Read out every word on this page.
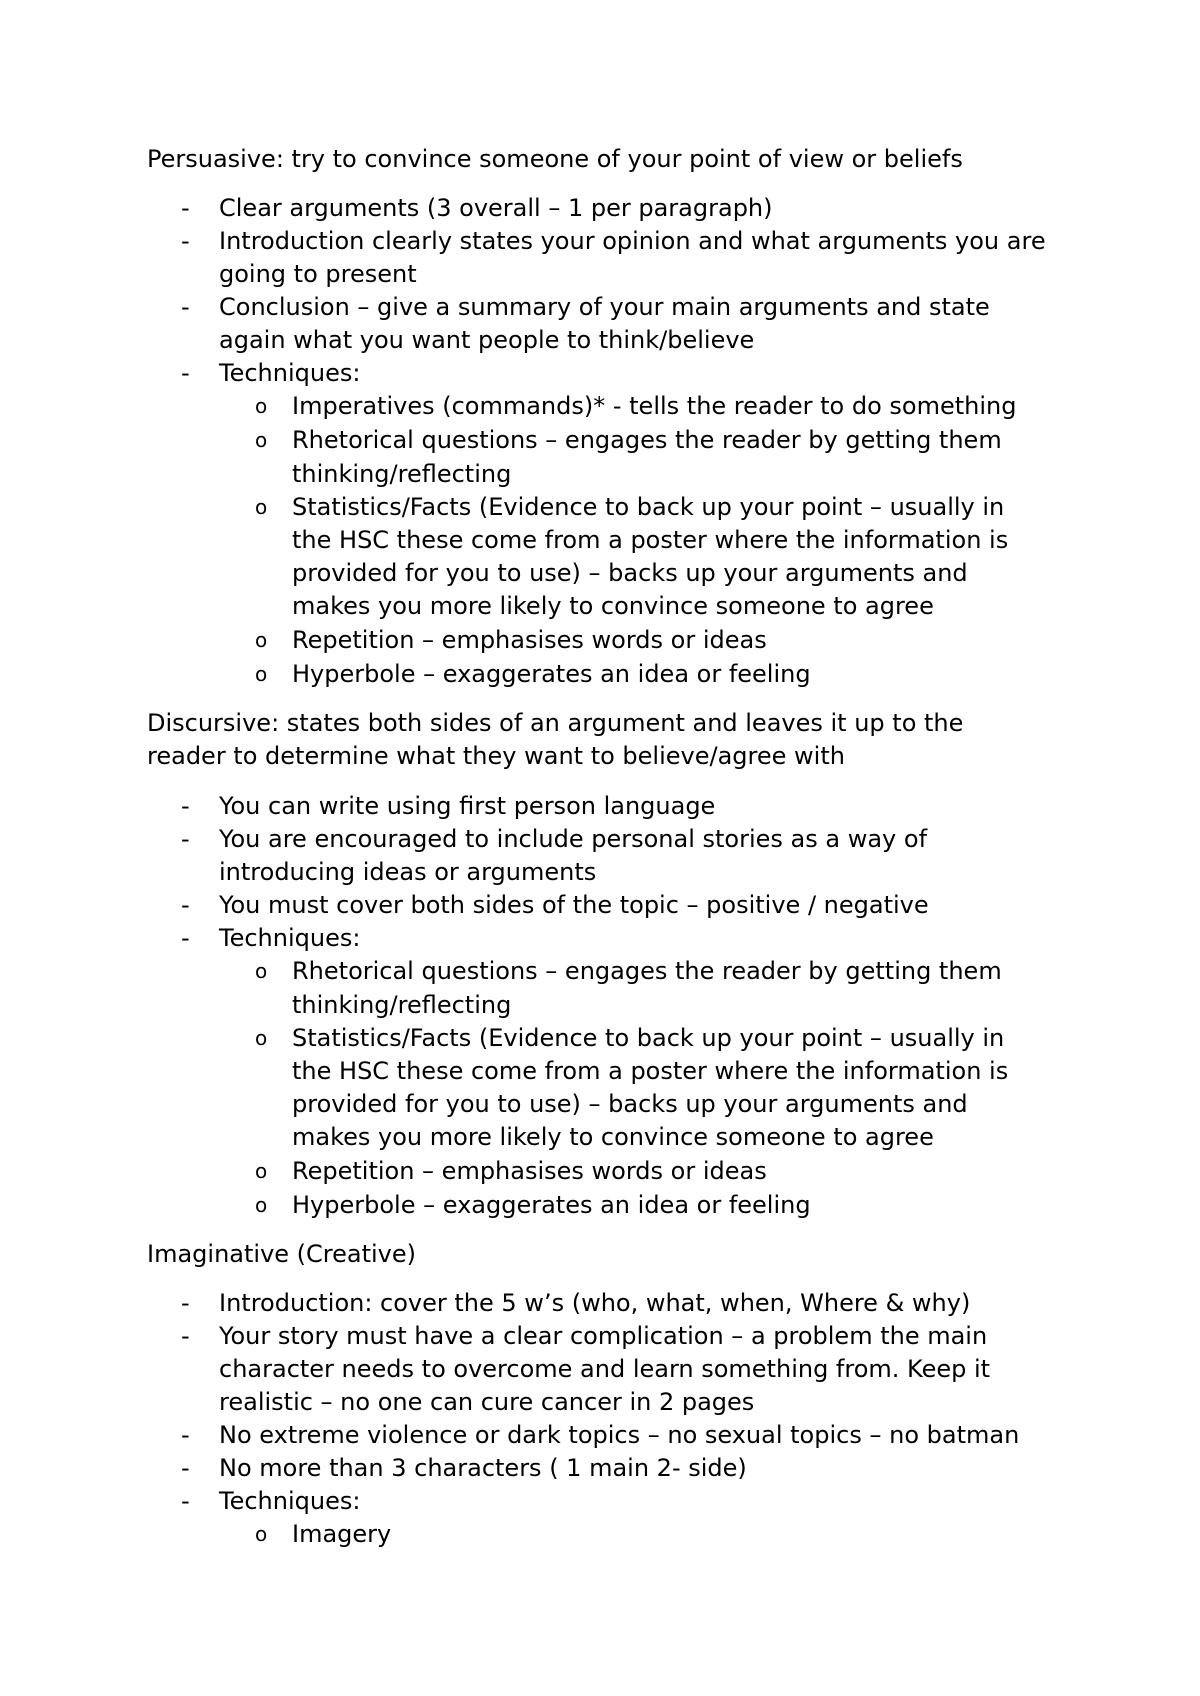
Persuasive: try to convince someone of your point of view or beliefs

- Clear arguments (3 overall – 1 per paragraph)
- Introduction clearly states your opinion and what arguments you are
going to present
- Conclusion – give a summary of your main arguments and state
again what you want people to think/believe
- Techniques:
o Imperatives (commands)* - tells the reader to do something
o Rhetorical questions – engages the reader by getting them
thinking/reflecting
o Statistics/Facts (Evidence to back up your point – usually in
the HSC these come from a poster where the information is
provided for you to use) – backs up your arguments and
makes you more likely to convince someone to agree
o Repetition – emphasises words or ideas
o Hyperbole – exaggerates an idea or feeling
Discursive: states both sides of an argument and leaves it up to the
reader to determine what they want to believe/agree with
- You can write using first person language
- You are encouraged to include personal stories as a way of
introducing ideas or arguments
- You must cover both sides of the topic – positive / negative
- Techniques:
o Rhetorical questions – engages the reader by getting them
thinking/reflecting
o Statistics/Facts (Evidence to back up your point – usually in
the HSC these come from a poster where the information is
provided for you to use) – backs up your arguments and
makes you more likely to convince someone to agree
o Repetition – emphasises words or ideas
o Hyperbole – exaggerates an idea or feeling

Imaginative (Creative)

- Introduction: cover the 5 w’s (who, what, when, Where & why)
- Your story must have a clear complication – a problem the main
character needs to overcome and learn something from. Keep it
realistic – no one can cure cancer in 2 pages
- No extreme violence or dark topics – no sexual topics – no batman
- No more than 3 characters ( 1 main 2- side)
- Techniques:
o Imagery
